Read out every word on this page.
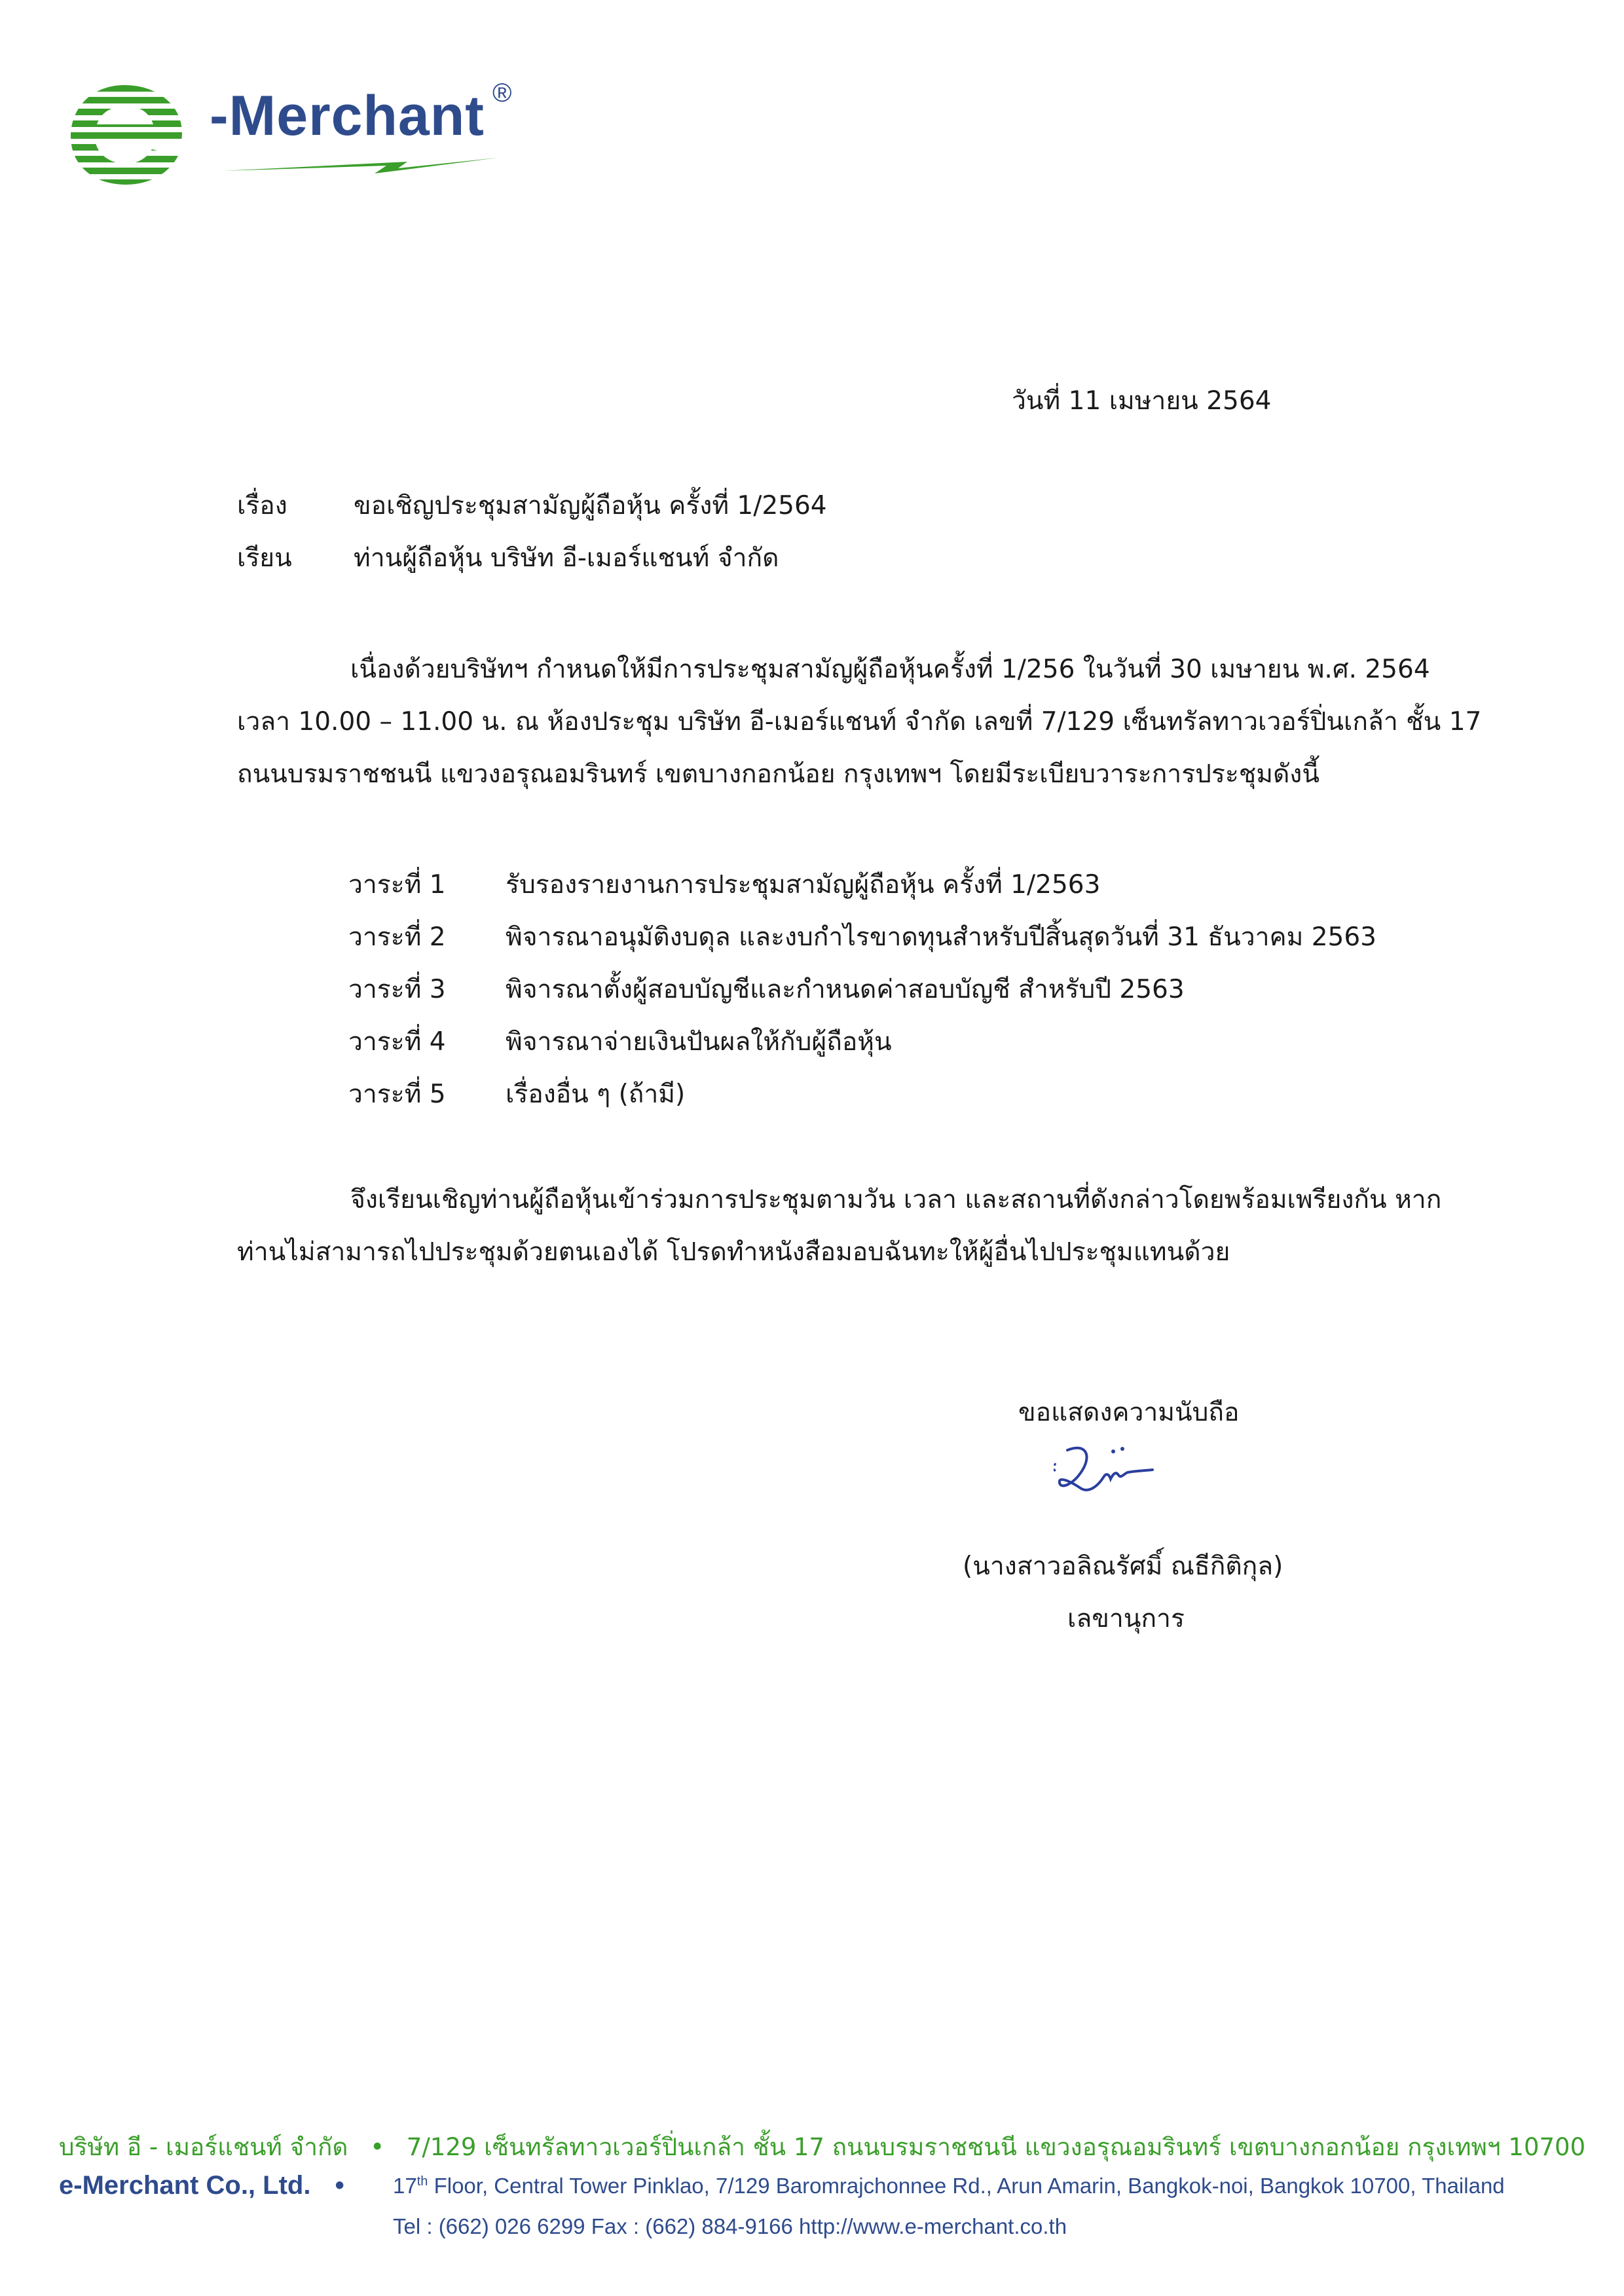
-Merchant ®
วันที่ 11 เมษายน 2564
เรื่อง	ขอเชิญประชุมสามัญผู้ถือหุ้น ครั้งที่ 1/2564
เรียน ท่านผู้ถือหุ้น บริษัท อี-เมอร์แชนท์ จำกัด
เนื่องด้วยบริษัทฯ กำหนดให้มีการประชุมสามัญผู้ถือหุ้นครั้งที่ 1/256 ในวันที่ 30 เมษายน พ.ศ. 2564
เวลา 10.00 – 11.00 น. ณ ห้องประชุม บริษัท อี-เมอร์แชนท์ จำกัด เลขที่ 7/129 เซ็นทรัลทาวเวอร์ปิ่นเกล้า ชั้น 17
ถนนบรมราชชนนี แขวงอรุณอมรินทร์ เขตบางกอกน้อย กรุงเทพฯ โดยมีระเบียบวาระการประชุมดังนี้
วาระที่ 1 รับรองรายงานการประชุมสามัญผู้ถือหุ้น ครั้งที่ 1/2563
วาระที่ 2 พิจารณาอนุมัติงบดุล และงบกำไรขาดทุนสำหรับปีสิ้นสุดวันที่ 31 ธันวาคม 2563
วาระที่ 3 พิจารณาตั้งผู้สอบบัญชีและกำหนดค่าสอบบัญชี สำหรับปี 2563
วาระที่ 4 พิจารณาจ่ายเงินปันผลให้กับผู้ถือหุ้น
วาระที่ 5 เรื่องอื่น ๆ (ถ้ามี)
จึงเรียนเชิญท่านผู้ถือหุ้นเข้าร่วมการประชุมตามวัน เวลา และสถานที่ดังกล่าวโดยพร้อมเพรียงกัน หาก
ท่านไม่สามารถไปประชุมด้วยตนเองได้ โปรดทำหนังสือมอบฉันทะให้ผู้อื่นไปประชุมแทนด้วย
ขอแสดงความนับถือ
(นางสาวอลิณรัศมิ์ ณธีกิติกุล)
เลขานุการ
บริษัท อี - เมอร์แชนท์ จำกัด • 7/129 เซ็นทรัลทาวเวอร์ปิ่นเกล้า ชั้น 17 ถนนบรมราชชนนี แขวงอรุณอมรินทร์ เขตบางกอกน้อย กรุงเทพฯ 10700
e-Merchant Co., Ltd. • 17th Floor, Central Tower Pinklao, 7/129 Baromrajchonnee Rd., Arun Amarin, Bangkok-noi, Bangkok 10700, Thailand
Tel : (662) 026 6299 Fax : (662) 884-9166 http://www.e-merchant.co.th
